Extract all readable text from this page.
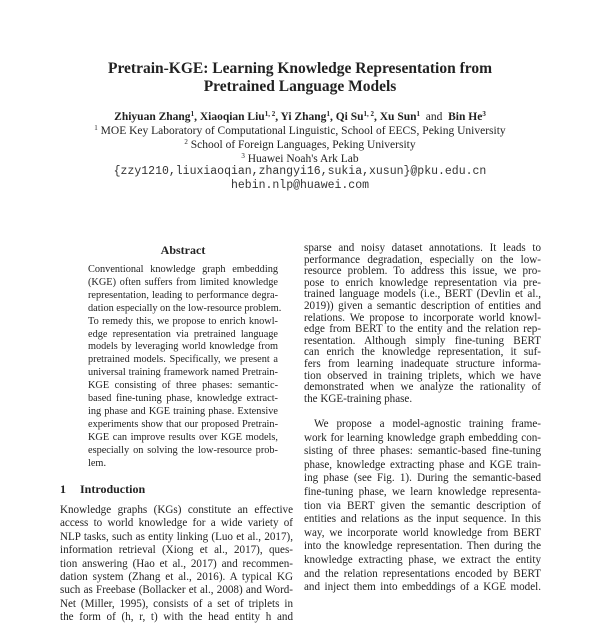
Pretrain-KGE: Learning Knowledge Representation from
Pretrained Language Models
Zhiyuan Zhang$^1$, Xiaoqian Liu$^{1, 2}$, Yi Zhang$^1$, Qi Su$^{1, 2}$, Xu Sun$^1$ and Bin He$^3$
$^1$ MOE Key Laboratory of Computational Linguistic, School of EECS, Peking University
$^2$ School of Foreign Languages, Peking University
$^3$ Huawei Noah's Ark Lab
{zzy1210,liuxiaoqian,zhangyi16,sukia,xusun}@pku.edu.cn
hebin.nlp@huawei.com
Abstract
Conventional knowledge graph embedding
(KGE) often suffers from limited knowledge
representation, leading to performance degra-
dation especially on the low-resource problem.
To remedy this, we propose to enrich knowl-
edge representation via pretrained language
models by leveraging world knowledge from
pretrained models. Specifically, we present a
universal training framework named Pretrain-
KGE consisting of three phases: semantic-
based fine-tuning phase, knowledge extract-
ing phase and KGE training phase. Extensive
experiments show that our proposed Pretrain-
KGE can improve results over KGE models,
especially on solving the low-resource prob-
lem.
1 Introduction
Knowledge graphs (KGs) constitute an effective
access to world knowledge for a wide variety of
NLP tasks, such as entity linking (Luo et al., 2017),
information retrieval (Xiong et al., 2017), ques-
tion answering (Hao et al., 2017) and recommen-
dation system (Zhang et al., 2016). A typical KG
such as Freebase (Bollacker et al., 2008) and Word-
Net (Miller, 1995), consists of a set of triplets in
the form of (h, r, t) with the head entity h and
sparse and noisy dataset annotations. It leads to
performance degradation, especially on the low-
resource problem. To address this issue, we pro-
pose to enrich knowledge representation via pre-
trained language models (i.e., BERT (Devlin et al.,
2019)) given a semantic description of entities and
relations. We propose to incorporate world knowl-
edge from BERT to the entity and the relation rep-
resentation. Although simply fine-tuning BERT
can enrich the knowledge representation, it suf-
fers from learning inadequate structure informa-
tion observed in training triplets, which we have
demonstrated when we analyze the rationality of
the KGE-training phase.
We propose a model-agnostic training frame-
work for learning knowledge graph embedding con-
sisting of three phases: semantic-based fine-tuning
phase, knowledge extracting phase and KGE train-
ing phase (see Fig. 1). During the semantic-based
fine-tuning phase, we learn knowledge representa-
tion via BERT given the semantic description of
entities and relations as the input sequence. In this
way, we incorporate world knowledge from BERT
into the knowledge representation. Then during the
knowledge extracting phase, we extract the entity
and the relation representations encoded by BERT
and inject them into embeddings of a KGE model.
